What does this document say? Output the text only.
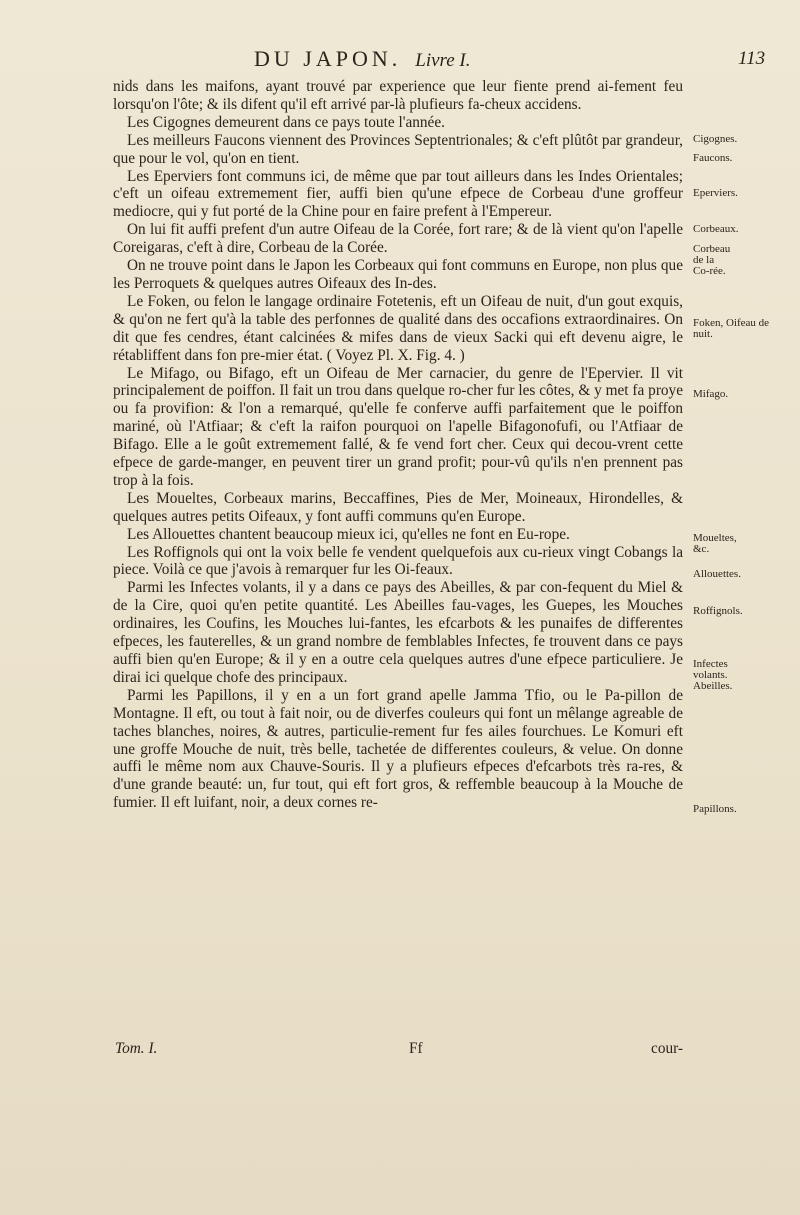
DU JAPON. Livre I.	113

nids dans les maifons, ayant trouvé par experience que leur fiente prend ai-fement feu lorsqu'on l'ôte; & ils difent qu'il eft arrivé par-là plufieurs fa-cheux accidens.

Les Cigognes demeurent dans ce pays toute l'année.

Les meilleurs Faucons viennent des Provinces Septentrionales; & c'eft plûtôt par grandeur, que pour le vol, qu'on en tient.

Les Eperviers font communs ici, de même que par tout ailleurs dans les Indes Orientales; c'eft un oifeau extremement fier, auffi bien qu'une efpece de Corbeau d'une groffeur mediocre, qui y fut porté de la Chine pour en faire prefent à l'Empereur.

On lui fit auffi prefent d'un autre Oifeau de la Corée, fort rare; & de là vient qu'on l'apelle Coreigaras, c'eft à dire, Corbeau de la Corée.

On ne trouve point dans le Japon les Corbeaux qui font communs en Europe, non plus que les Perroquets & quelques autres Oifeaux des In-des.

Le Foken, ou felon le langage ordinaire Fotetenis, eft un Oifeau de nuit, d'un gout exquis, & qu'on ne fert qu'à la table des perfonnes de qualité dans des occafions extraordinaires. On dit que fes cendres, étant calcinées & mifes dans de vieux Sacki qui eft devenu aigre, le rétabliffent dans fon pre-mier état. ( Voyez Pl. X. Fig. 4. )

Le Mifago, ou Bifago, eft un Oifeau de Mer carnacier, du genre de l'Epervier. Il vit principalement de poiffon. Il fait un trou dans quelque ro-cher fur les côtes, & y met fa proye ou fa provifion: & l'on a remarqué, qu'elle fe conferve auffi parfaitement que le poiffon mariné, où l'Atfiaar; & c'eft la raifon pourquoi on l'apelle Bifagonofufi, ou l'Atfiaar de Bifago. Elle a le goût extremement fallé, & fe vend fort cher. Ceux qui decou-vrent cette efpece de garde-manger, en peuvent tirer un grand profit; pour-vû qu'ils n'en prennent pas trop à la fois.

Les Moueltes, Corbeaux marins, Beccaffines, Pies de Mer, Moineaux, Hirondelles, & quelques autres petits Oifeaux, y font auffi communs qu'en Europe.

Les Allouettes chantent beaucoup mieux ici, qu'elles ne font en Eu-rope.

Les Roffignols qui ont la voix belle fe vendent quelquefois aux cu-rieux vingt Cobangs la piece. Voilà ce que j'avois à remarquer fur les Oi-feaux.

Parmi les Infectes volants, il y a dans ce pays des Abeilles, & par con-fequent du Miel & de la Cire, quoi qu'en petite quantité. Les Abeilles fau-vages, les Guepes, les Mouches ordinaires, les Coufins, les Mouches lui-fantes, les efcarbots & les punaifes de differentes efpeces, les fauterelles, & un grand nombre de femblables Infectes, fe trouvent dans ce pays auffi bien qu'en Europe; & il y en a outre cela quelques autres d'une efpece particuliere. Je dirai ici quelque chofe des principaux.

Parmi les Papillons, il y en a un fort grand apelle Jamma Tfio, ou le Pa-pillon de Montagne. Il eft, ou tout à fait noir, ou de diverfes couleurs qui font un mêlange agreable de taches blanches, noires, & autres, particulie-rement fur fes ailes fourchues. Le Komuri eft une groffe Mouche de nuit, très belle, tachetée de differentes couleurs, & velue. On donne auffi le même nom aux Chauve-Souris. Il y a plufieurs efpeces d'efcarbots très ra-res, & d'une grande beauté: un, fur tout, qui eft fort gros, & reffemble beaucoup à la Mouche de fumier. Il eft luifant, noir, a deux cornes re-

Cigognes.
Faucons.
Eperviers.
Corbeaux.
Corbeau de la Co-rée.
Foken, Oifeau de nuit.
Mifago.
Moueltes, &c.
Allouettes.
Roffignols.
Infectes volants. Abeilles.
Papillons.
Tom. I.	Ff	cour-
